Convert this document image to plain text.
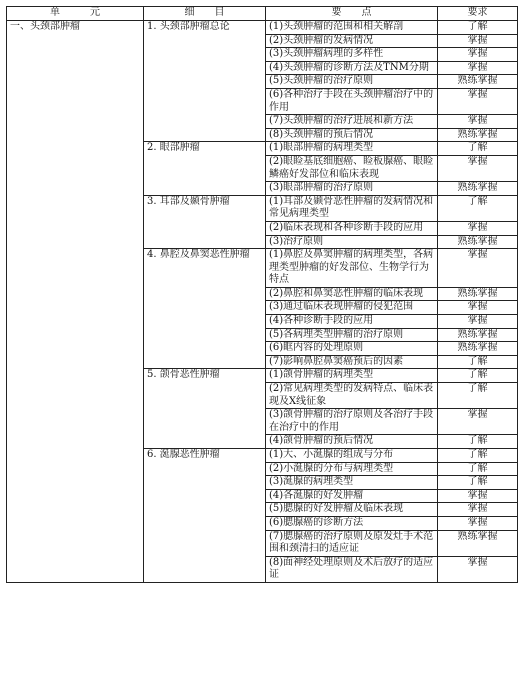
单　　　元	细　　目	要　　点	要求
一、头颈部肿瘤	1. 头颈部肿瘤总论	(1)头颈肿瘤的范围和相关解剖	了解
		(2)头颈肿瘤的发病情况	掌握
		(3)头颈肿瘤病理的多样性	掌握
		(4)头颈肿瘤的诊断方法及TNM分期	掌握
		(5)头颈肿瘤的治疗原则	熟练掌握
		(6)各种治疗手段在头颈肿瘤治疗中的作用	掌握
		(7)头颈肿瘤的治疗进展和新方法	掌握
		(8)头颈肿瘤的预后情况	熟练掌握
	2. 眼部肿瘤	(1)眼部肿瘤的病理类型	了解
		(2)眼睑基底细胞癌、睑板腺癌、眼睑鳞癌好发部位和临床表现	掌握
		(3)眼部肿瘤的治疗原则	熟练掌握
	3. 耳部及颞骨肿瘤	(1)耳部及颞骨恶性肿瘤的发病情况和常见病理类型	了解
		(2)临床表现和各种诊断手段的应用	掌握
		(3)治疗原则	熟练掌握
	4. 鼻腔及鼻窦恶性肿瘤	(1)鼻腔及鼻窦肿瘤的病理类型，各病理类型肿瘤的好发部位、生物学行为特点	掌握
		(2)鼻腔和鼻窦恶性肿瘤的临床表现	熟练掌握
		(3)通过临床表现肿瘤的侵犯范围	掌握
		(4)各种诊断手段的应用	掌握
		(5)各病理类型肿瘤的治疗原则	熟练掌握
		(6)眶内容的处理原则	熟练掌握
		(7)影响鼻腔鼻窦癌预后的因素	了解
	5. 颌骨恶性肿瘤	(1)颌骨肿瘤的病理类型	了解
		(2)常见病理类型的发病特点、临床表现及X线征象	了解
		(3)颌骨肿瘤的治疗原则及各治疗手段在治疗中的作用	掌握
		(4)颌骨肿瘤的预后情况	了解
	6. 涎腺恶性肿瘤	(1)大、小涎腺的组成与分布	了解
		(2)小涎腺的分布与病理类型	了解
		(3)涎腺的病理类型	了解
		(4)各涎腺的好发肿瘤	掌握
		(5)腮腺的好发肿瘤及临床表现	掌握
		(6)腮腺癌的诊断方法	掌握
		(7)腮腺癌的治疗原则及原发灶手术范围和颈清扫的适应证	熟练掌握
		(8)面神经处理原则及术后放疗的适应证	掌握
